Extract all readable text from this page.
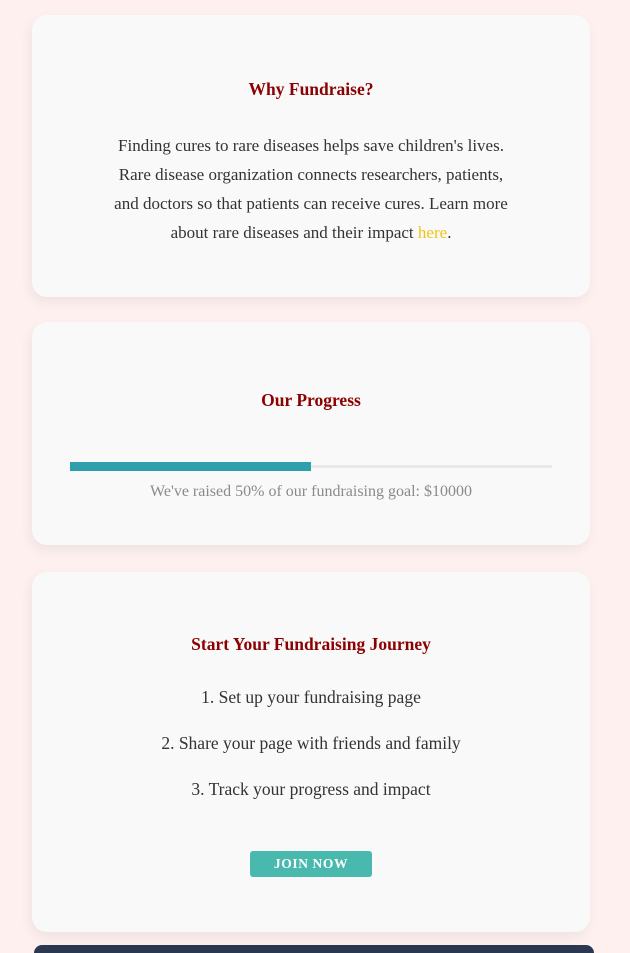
Why Fundraise?
Finding cures to rare diseases helps save children's lives.
Rare disease organization connects researchers, patients,
and doctors so that patients can receive cures. Learn more
about rare diseases and their impact here.
Our Progress
We've raised 50% of our fundraising goal: $10000
Start Your Fundraising Journey

1. Set up your fundraising page

2. Share your page with friends and family

3. Track your progress and impact

JOIN NOW
